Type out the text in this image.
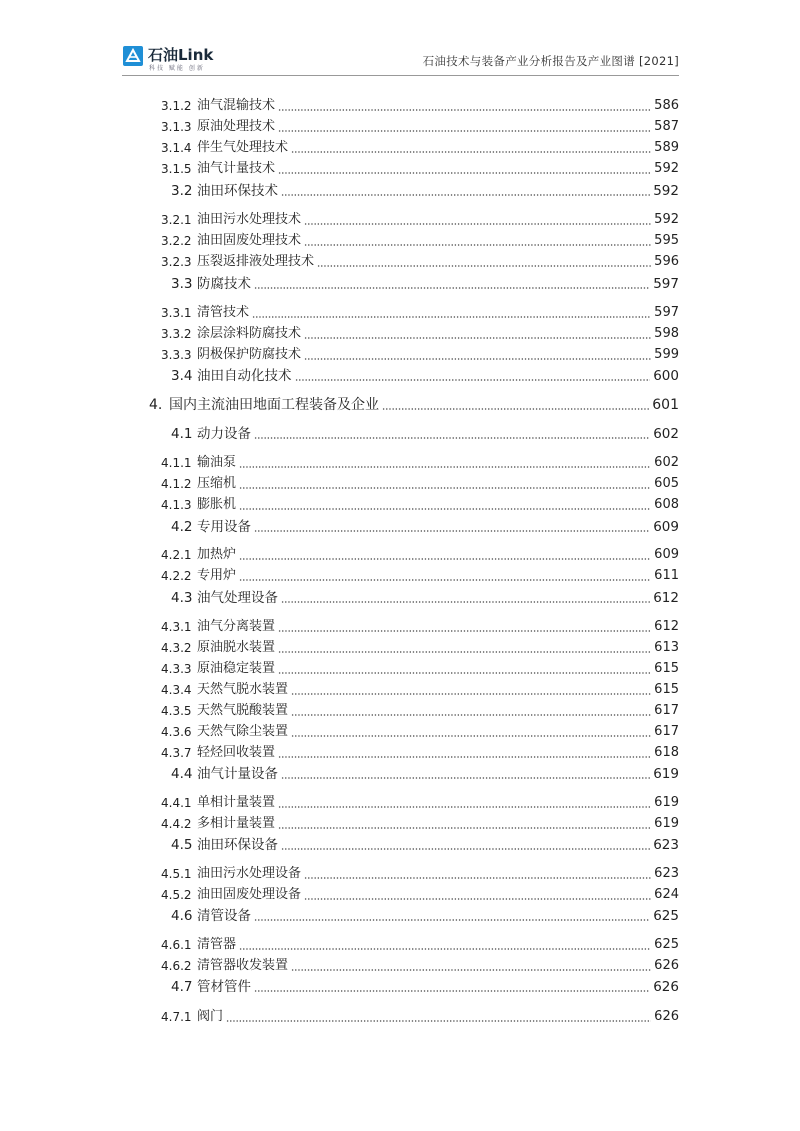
石油Link
科技 赋能 创新
石油技术与装备产业分析报告及产业图谱 [2021]
3.1.2 油气混输技术	586
3.1.3 原油处理技术	587
3.1.4 伴生气处理技术	589
3.1.5 油气计量技术	592
3.2 油田环保技术	592
3.2.1 油田污水处理技术	592
3.2.2 油田固废处理技术	595
3.2.3 压裂返排液处理技术	596
3.3 防腐技术	597
3.3.1 清管技术	597
3.3.2 涂层涂料防腐技术	598
3.3.3 阴极保护防腐技术	599
3.4 油田自动化技术	600
4. 国内主流油田地面工程装备及企业	601
4.1 动力设备	602
4.1.1 输油泵	602
4.1.2 压缩机	605
4.1.3 膨胀机	608
4.2 专用设备	609
4.2.1 加热炉	609
4.2.2 专用炉	611
4.3 油气处理设备	612
4.3.1 油气分离装置	612
4.3.2 原油脱水装置	613
4.3.3 原油稳定装置	615
4.3.4 天然气脱水装置	615
4.3.5 天然气脱酸装置	617
4.3.6 天然气除尘装置	617
4.3.7 轻烃回收装置	618
4.4 油气计量设备	619
4.4.1 单相计量装置	619
4.4.2 多相计量装置	619
4.5 油田环保设备	623
4.5.1 油田污水处理设备	623
4.5.2 油田固废处理设备	624
4.6 清管设备	625
4.6.1 清管器	625
4.6.2 清管器收发装置	626
4.7 管材管件	626
4.7.1 阀门	626
